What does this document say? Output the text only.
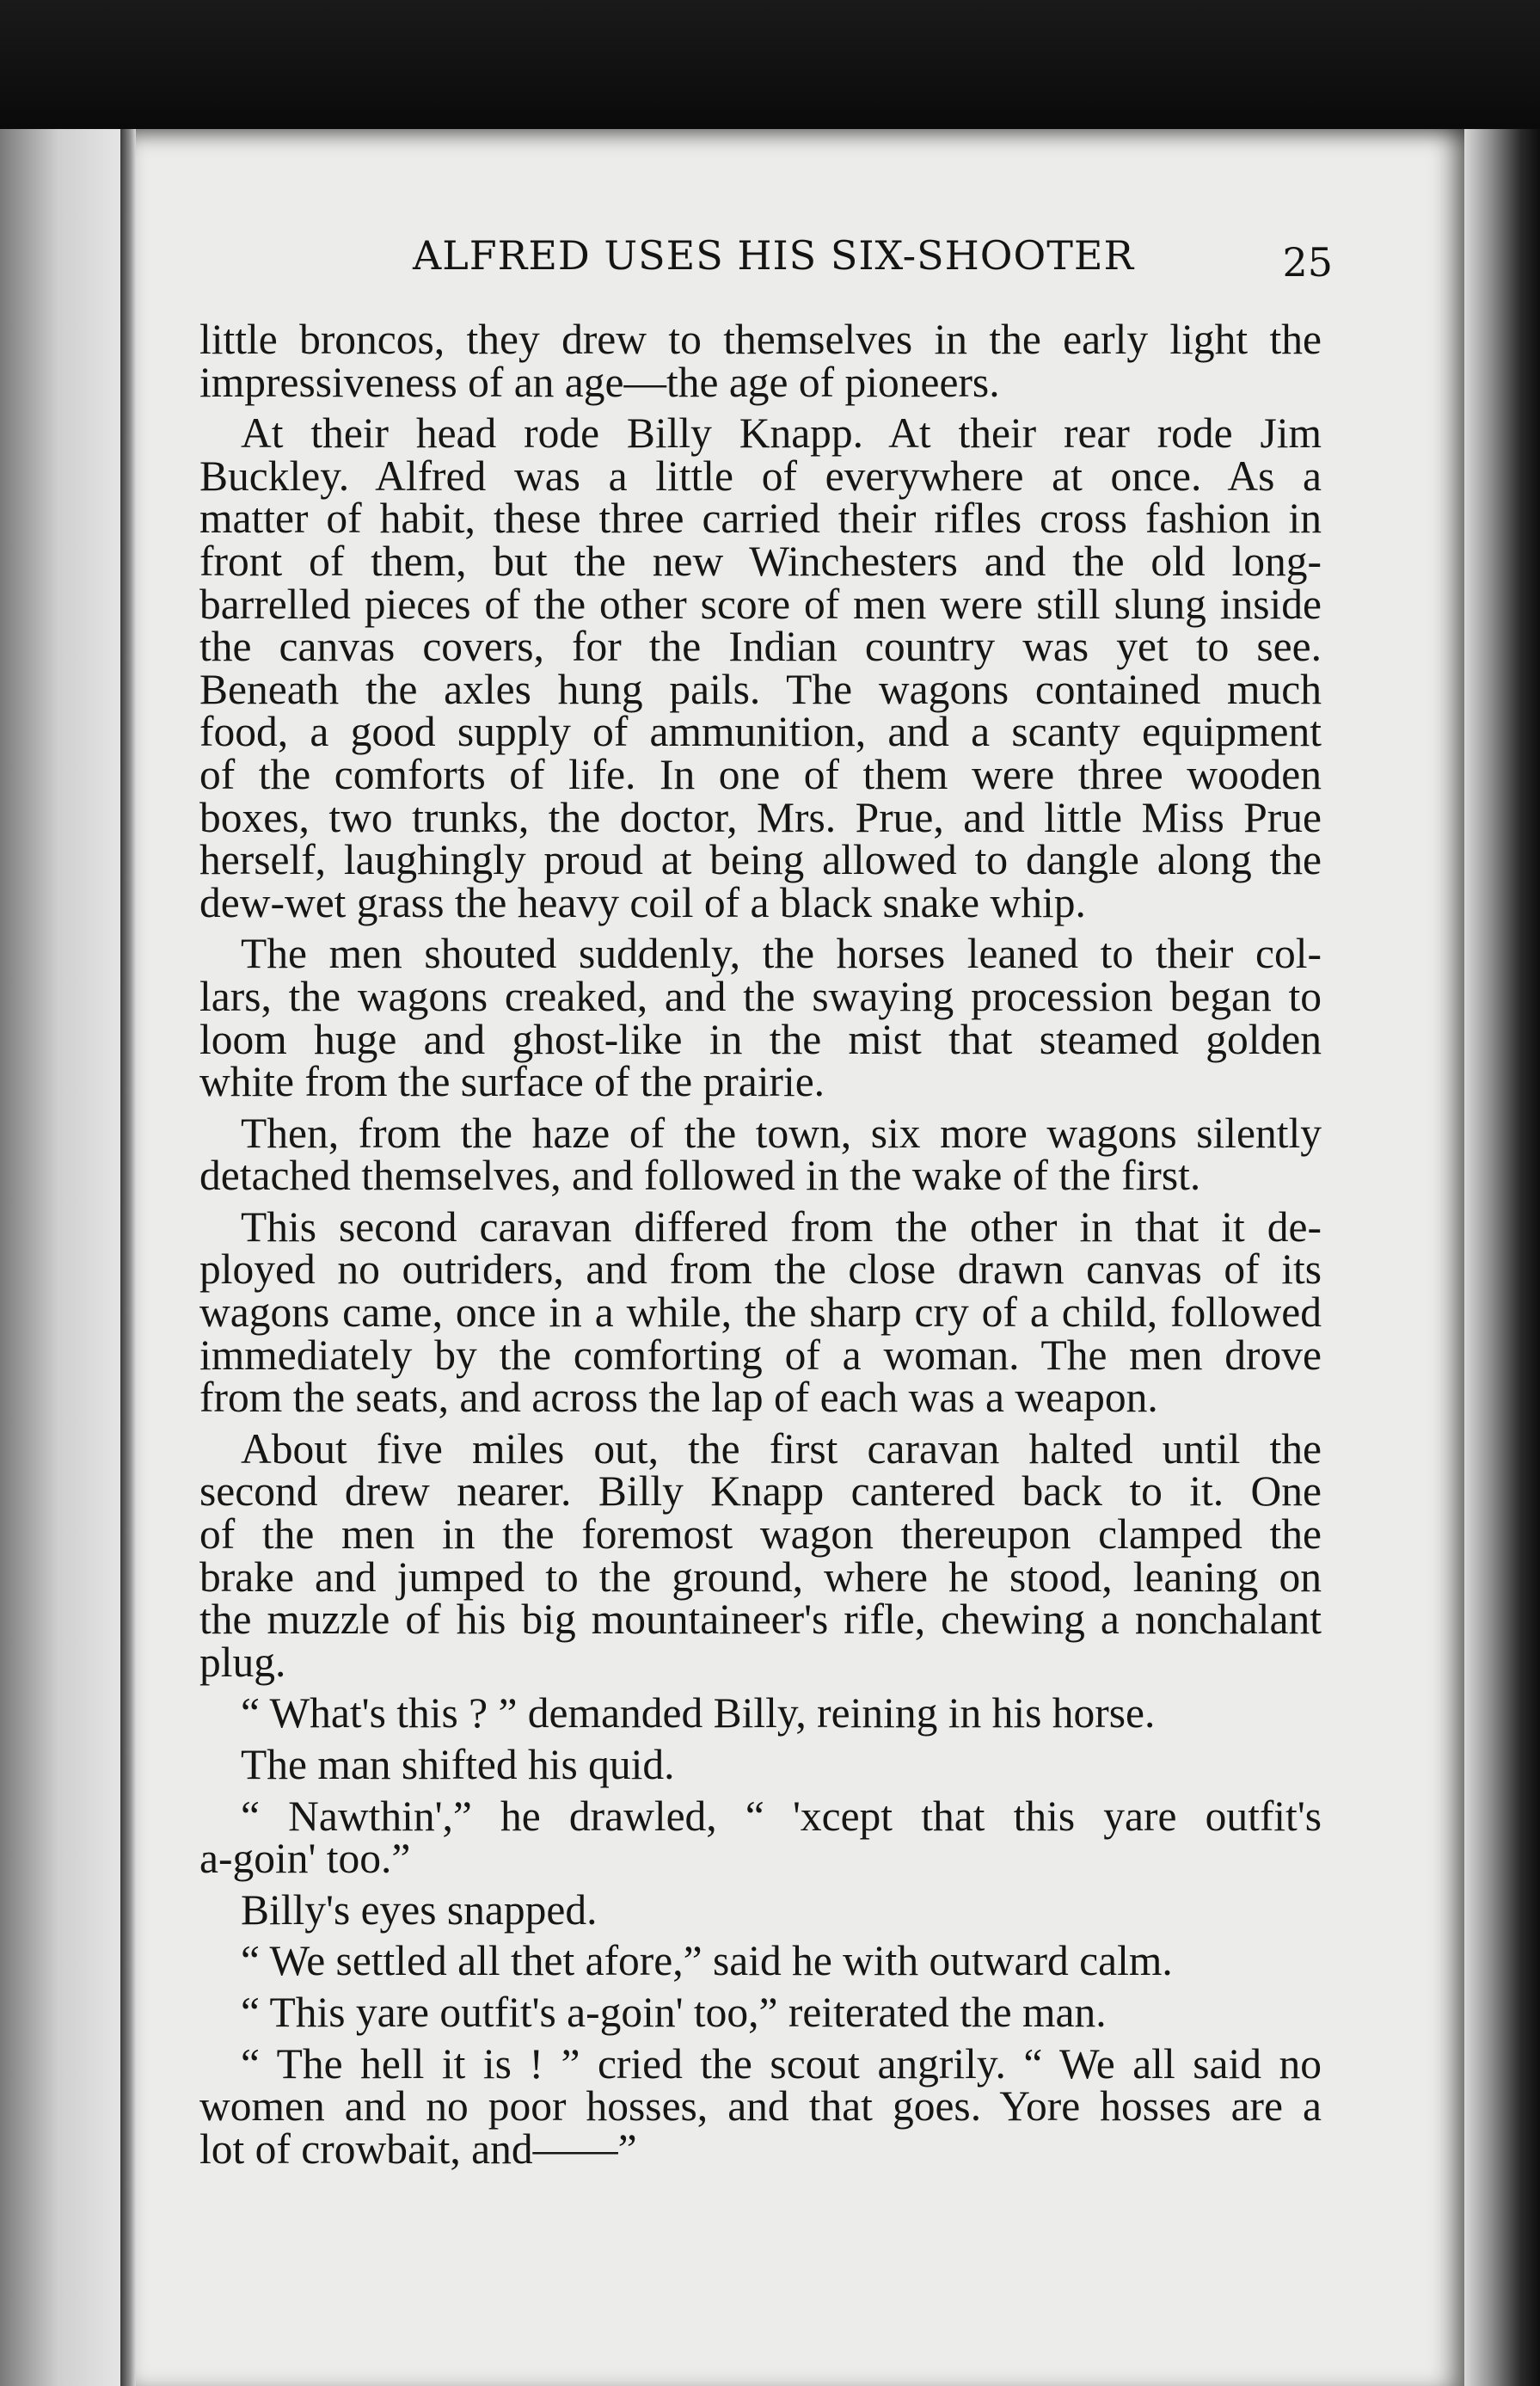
ALFRED USES HIS SIX-SHOOTER	25
little broncos, they drew to themselves in the early light the
impressiveness of an age—the age of pioneers.
At their head rode Billy Knapp. At their rear rode Jim
Buckley. Alfred was a little of everywhere at once. As a
matter of habit, these three carried their rifles cross fashion in
front of them, but the new Winchesters and the old long-
barrelled pieces of the other score of men were still slung inside
the canvas covers, for the Indian country was yet to see.
Beneath the axles hung pails. The wagons contained much
food, a good supply of ammunition, and a scanty equipment
of the comforts of life. In one of them were three wooden
boxes, two trunks, the doctor, Mrs. Prue, and little Miss Prue
herself, laughingly proud at being allowed to dangle along the
dew-wet grass the heavy coil of a black snake whip.
The men shouted suddenly, the horses leaned to their col-
lars, the wagons creaked, and the swaying procession began to
loom huge and ghost-like in the mist that steamed golden
white from the surface of the prairie.
Then, from the haze of the town, six more wagons silently
detached themselves, and followed in the wake of the first.
This second caravan differed from the other in that it de-
ployed no outriders, and from the close drawn canvas of its
wagons came, once in a while, the sharp cry of a child, followed
immediately by the comforting of a woman. The men drove
from the seats, and across the lap of each was a weapon.
About five miles out, the first caravan halted until the
second drew nearer. Billy Knapp cantered back to it. One
of the men in the foremost wagon thereupon clamped the
brake and jumped to the ground, where he stood, leaning on
the muzzle of his big mountaineer's rifle, chewing a nonchalant
plug.
“ What's this ? ” demanded Billy, reining in his horse.
The man shifted his quid.
“ Nawthin',” he drawled, “ 'xcept that this yare outfit's
a-goin' too.”
Billy's eyes snapped.
“ We settled all thet afore,” said he with outward calm.
“ This yare outfit's a-goin' too,” reiterated the man.
“ The hell it is ! ” cried the scout angrily. “ We all said no
women and no poor hosses, and that goes. Yore hosses are a
lot of crowbait, and——”
